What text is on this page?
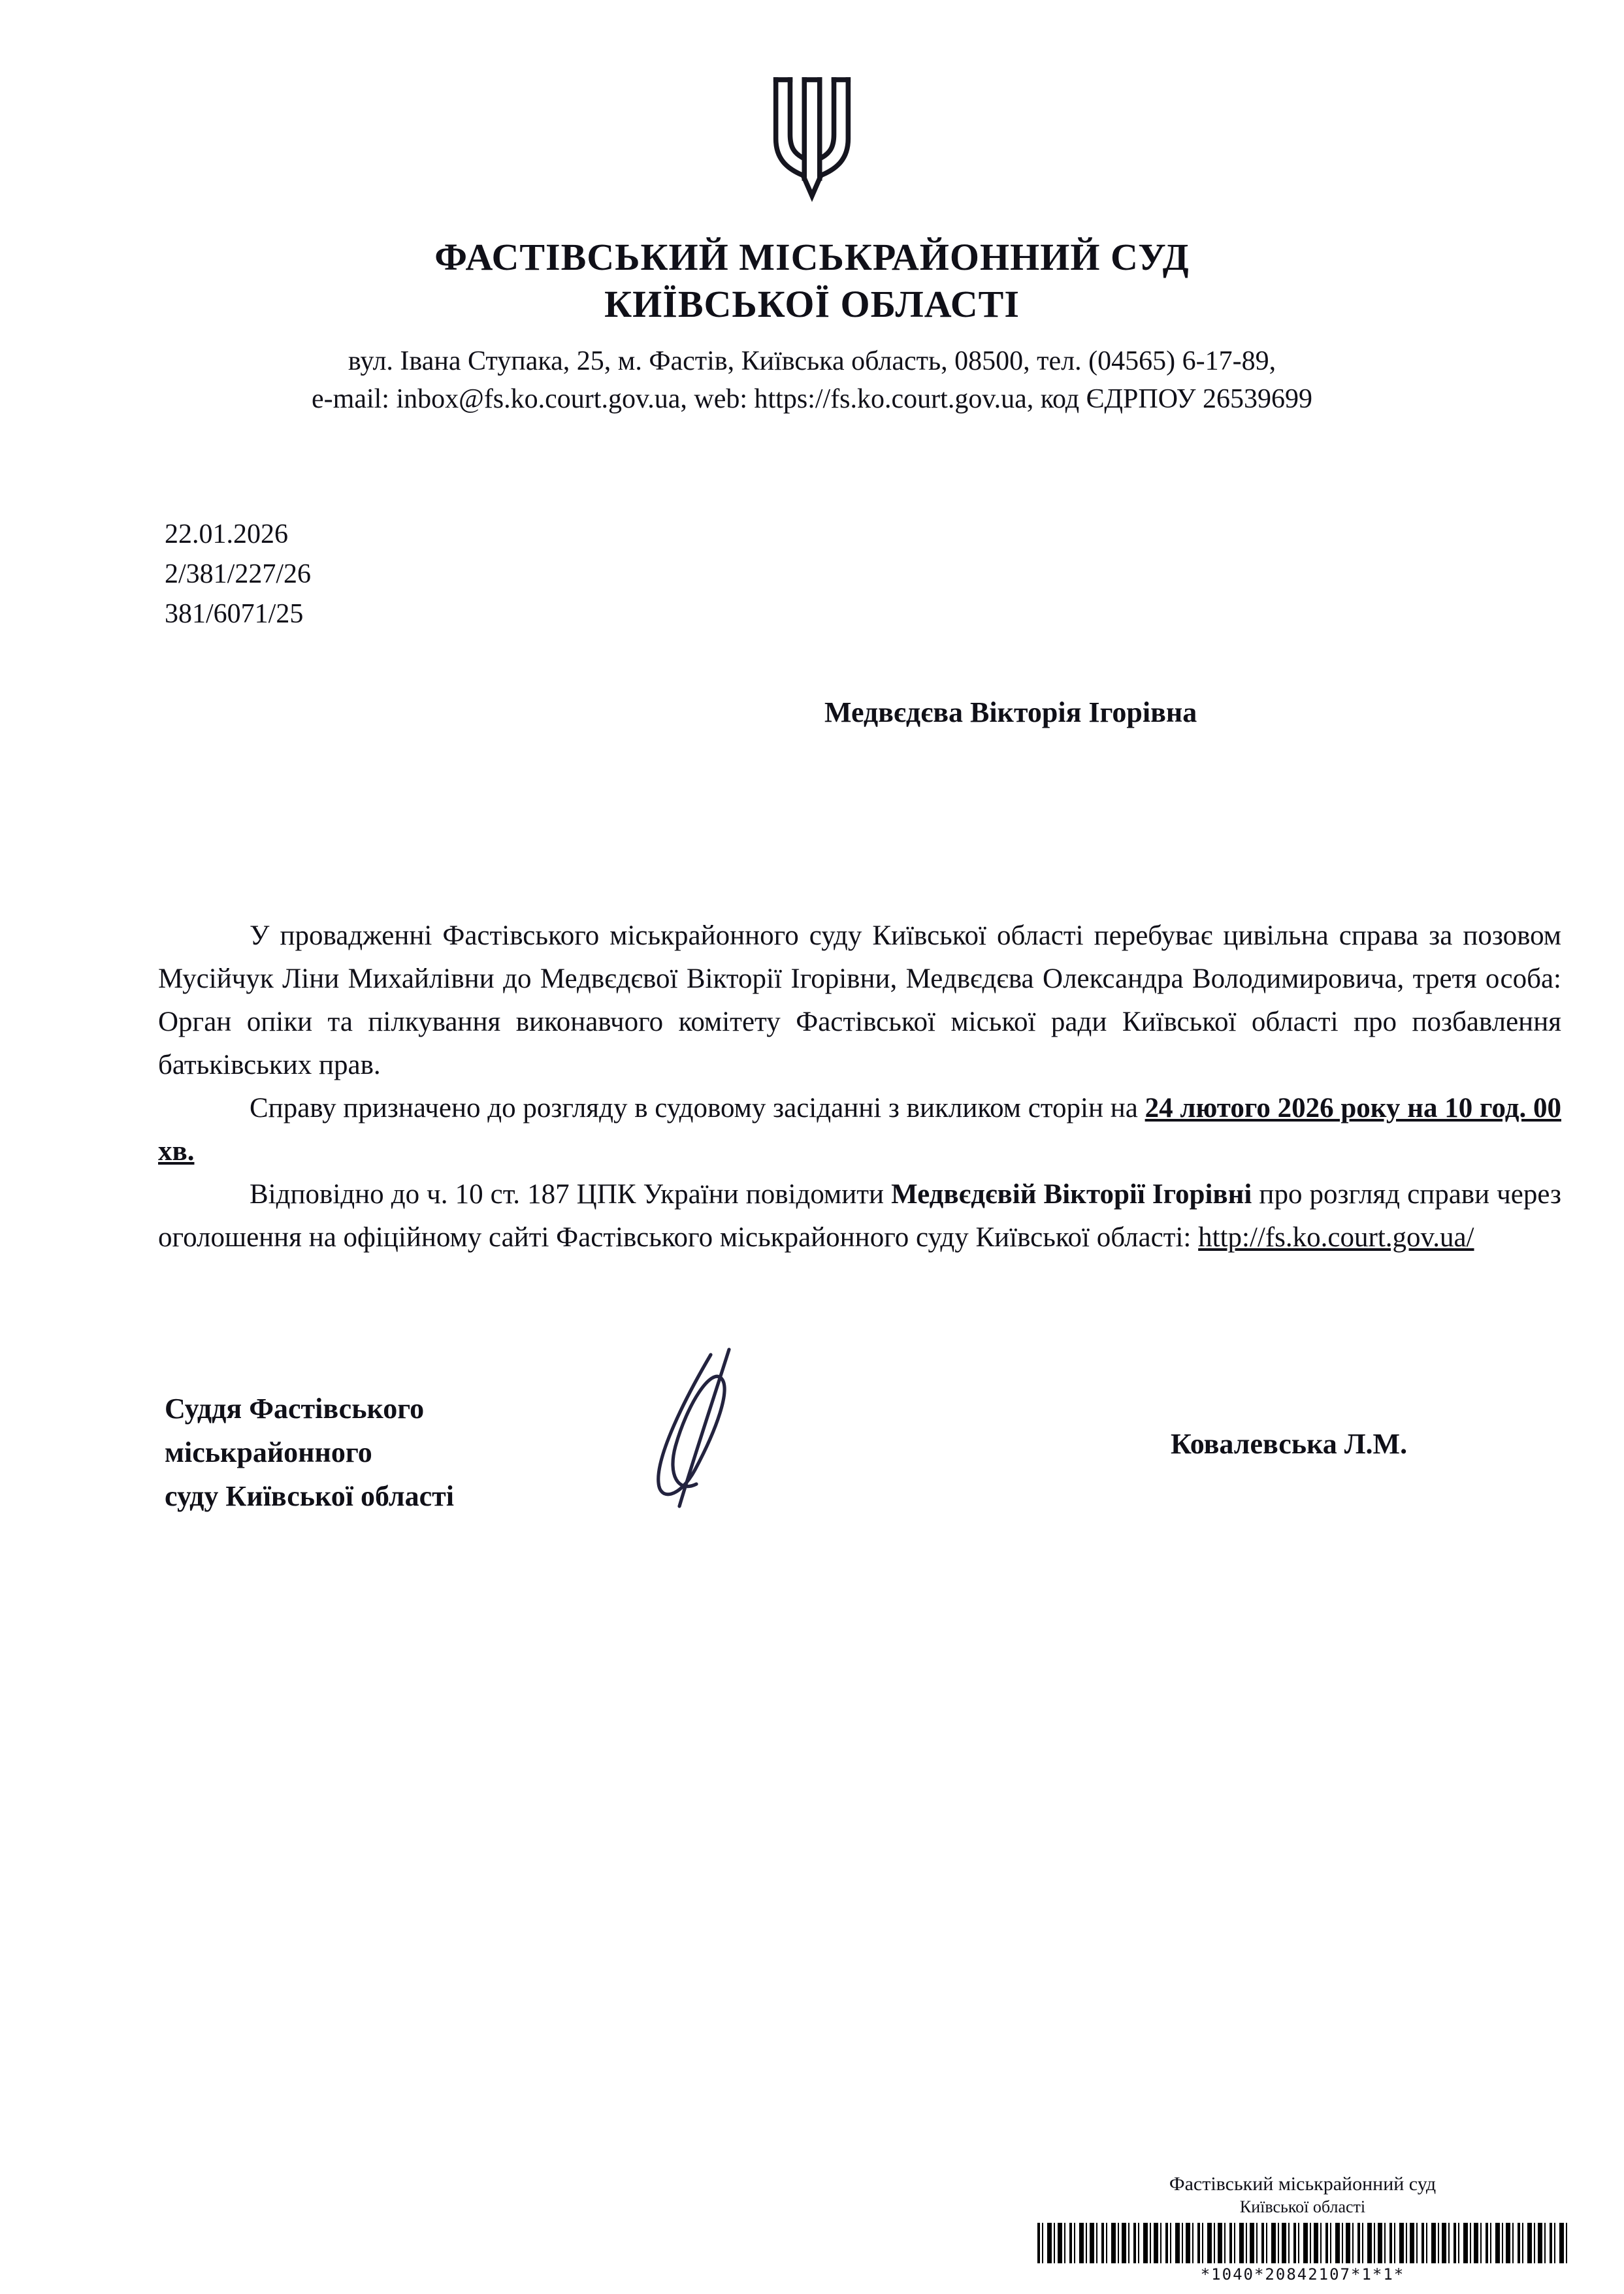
ФАСТІВСЬКИЙ МІСЬКРАЙОННИЙ СУД
КИЇВСЬКОЇ ОБЛАСТІ
вул. Івана Ступака, 25, м. Фастів, Київська область, 08500, тел. (04565) 6-17-89,
e-mail: inbox@fs.ko.court.gov.ua, web: https://fs.ko.court.gov.ua, код ЄДРПОУ 26539699
22.01.2026
2/381/227/26
381/6071/25
Медвєдєва Вікторія Ігорівна

У провадженні Фастівського міськрайонного суду Київської області перебуває цивільна справа за позовом Мусійчук Ліни Михайлівни до Медвєдєвої Вікторії Ігорівни, Медвєдєва Олександра Володимировича, третя особа: Орган опіки та пілкування виконавчого комітету Фастівської міської ради Київської області про позбавлення батьківських прав.

Справу призначено до розгляду в судовому засіданні з викликом сторін на 24 лютого 2026 року на 10 год. 00 хв.

Відповідно до ч. 10 ст. 187 ЦПК України повідомити Медвєдєвій Вікторії Ігорівні про розгляд справи через оголошення на офіційному сайті Фастівського міськрайонного суду Київської області: http://fs.ko.court.gov.ua/

Суддя Фастівського
міськрайонного
суду Київської області
Ковалевська Л.М.
Фастівський міськрайонний суд
Київської області
*1040*20842107*1*1*
